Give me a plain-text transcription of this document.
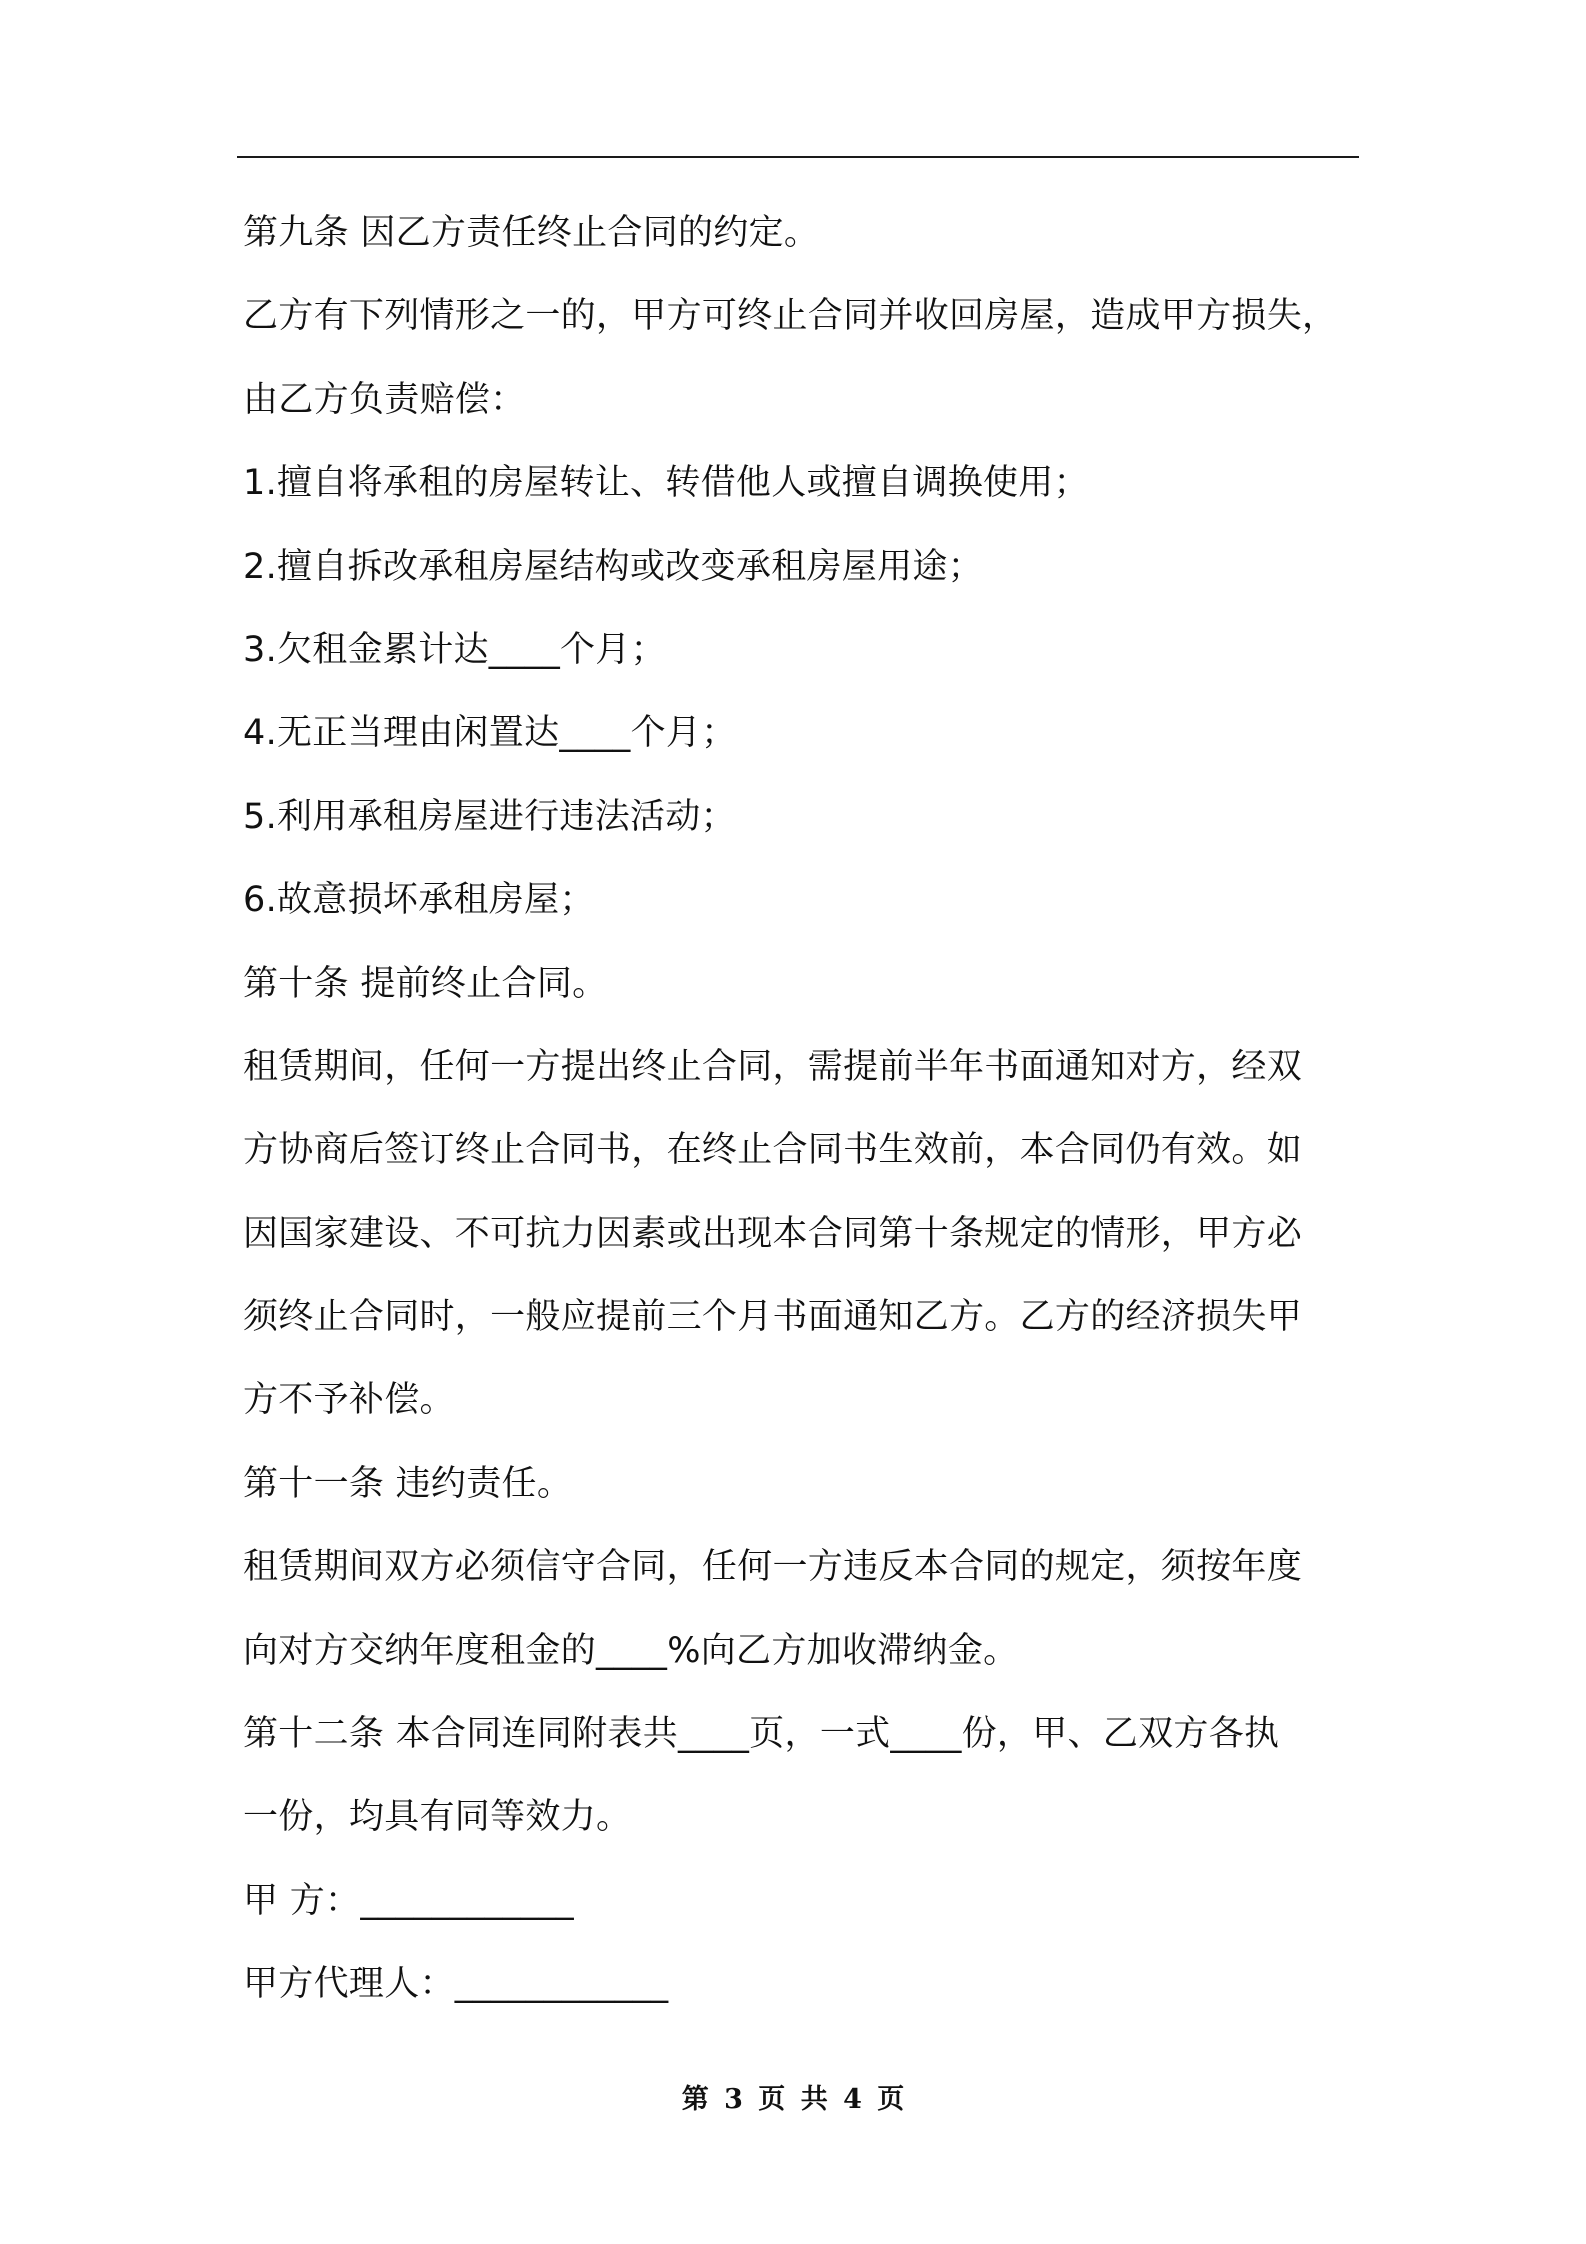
第九条 因乙方责任终止合同的约定。
乙方有下列情形之一的，甲方可终止合同并收回房屋，造成甲方损失，
由乙方负责赔偿：
1.擅自将承租的房屋转让、转借他人或擅自调换使用；
2.擅自拆改承租房屋结构或改变承租房屋用途；
3.欠租金累计达____个月；
4.无正当理由闲置达____个月；
5.利用承租房屋进行违法活动；
6.故意损坏承租房屋；
第十条 提前终止合同。
租赁期间，任何一方提出终止合同，需提前半年书面通知对方，经双
方协商后签订终止合同书，在终止合同书生效前，本合同仍有效。如
因国家建设、不可抗力因素或出现本合同第十条规定的情形，甲方必
须终止合同时，一般应提前三个月书面通知乙方。乙方的经济损失甲
方不予补偿。
第十一条 违约责任。
租赁期间双方必须信守合同，任何一方违反本合同的规定，须按年度
向对方交纳年度租金的____%向乙方加收滞纳金。
第十二条 本合同连同附表共____页，一式____份，甲、乙双方各执
一份，均具有同等效力。
甲 方：____________
甲方代理人：____________
第 3 页 共 4 页
